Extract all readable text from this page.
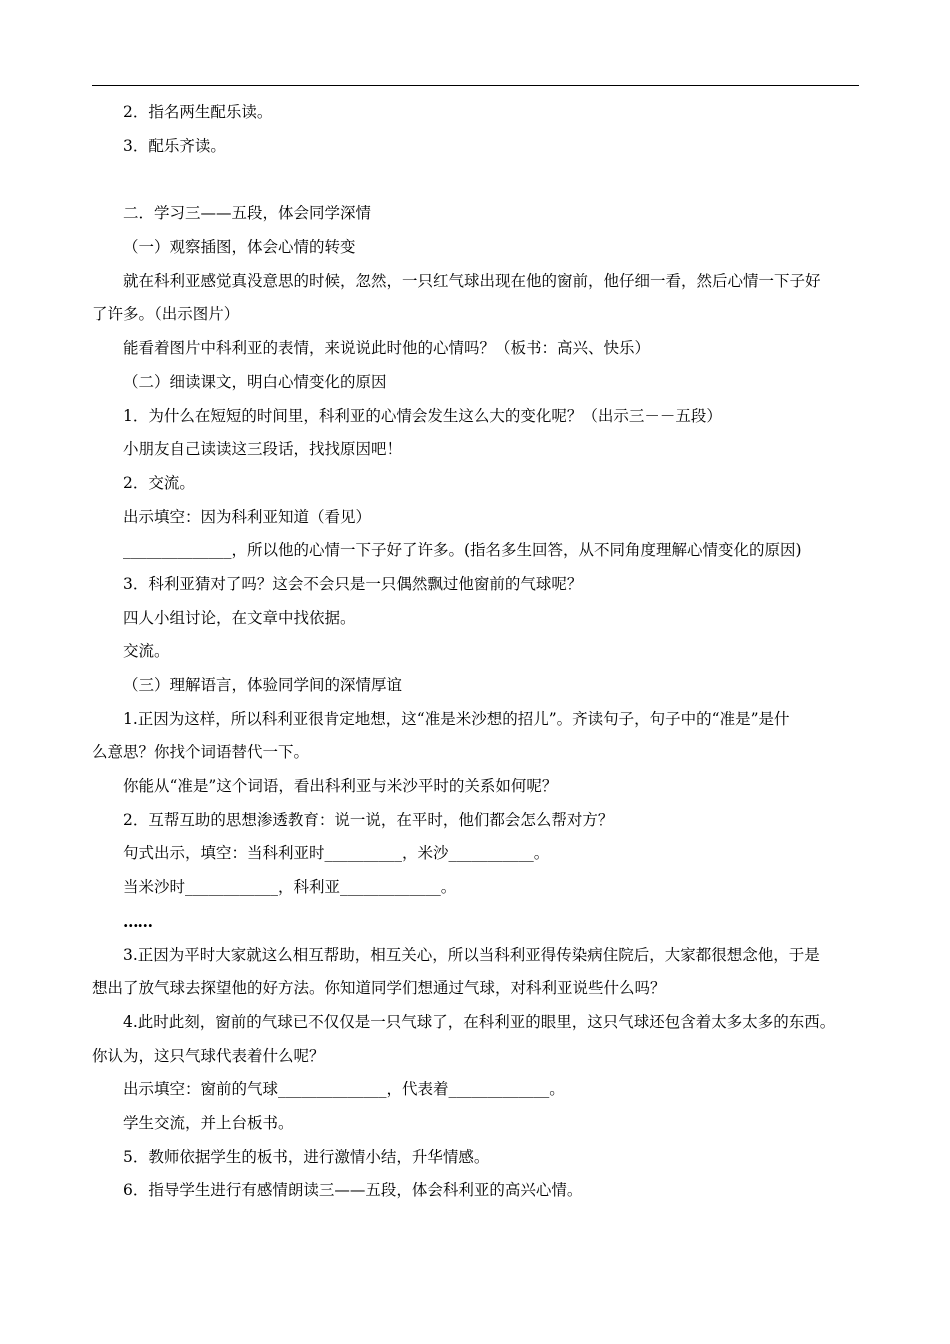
2．指名两生配乐读。
3．配乐齐读。
二．学习三——五段，体会同学深情
（一）观察插图，体会心情的转变
就在科利亚感觉真没意思的时候，忽然，一只红气球出现在他的窗前，他仔细一看，然后心情一下子好
了许多。（出示图片）
能看着图片中科利亚的表情，来说说此时他的心情吗？（板书：高兴、快乐）
（二）细读课文，明白心情变化的原因
1．为什么在短短的时间里，科利亚的心情会发生这么大的变化呢？（出示三－－五段）
小朋友自己读读这三段话，找找原因吧！
2．交流。
出示填空：因为科利亚知道（看见）
______________，所以他的心情一下子好了许多。(指名多生回答，从不同角度理解心情变化的原因)
3．科利亚猜对了吗？这会不会只是一只偶然飘过他窗前的气球呢？
四人小组讨论，在文章中找依据。
交流。
（三）理解语言，体验同学间的深情厚谊
1.正因为这样，所以科利亚很肯定地想，这“准是米沙想的招儿”。齐读句子，句子中的“准是”是什
么意思？你找个词语替代一下。
你能从“准是”这个词语，看出科利亚与米沙平时的关系如何呢？
2．互帮互助的思想渗透教育：说一说，在平时，他们都会怎么帮对方？
句式出示，填空：当科利亚时__________，米沙___________。
当米沙时____________，科利亚_____________。
……
3.正因为平时大家就这么相互帮助，相互关心，所以当科利亚得传染病住院后，大家都很想念他，于是
想出了放气球去探望他的好方法。你知道同学们想通过气球，对科利亚说些什么吗？
4.此时此刻，窗前的气球已不仅仅是一只气球了，在科利亚的眼里，这只气球还包含着太多太多的东西。
你认为，这只气球代表着什么呢？
出示填空：窗前的气球______________，代表着_____________。
学生交流，并上台板书。
5．教师依据学生的板书，进行激情小结，升华情感。
6．指导学生进行有感情朗读三——五段，体会科利亚的高兴心情。
